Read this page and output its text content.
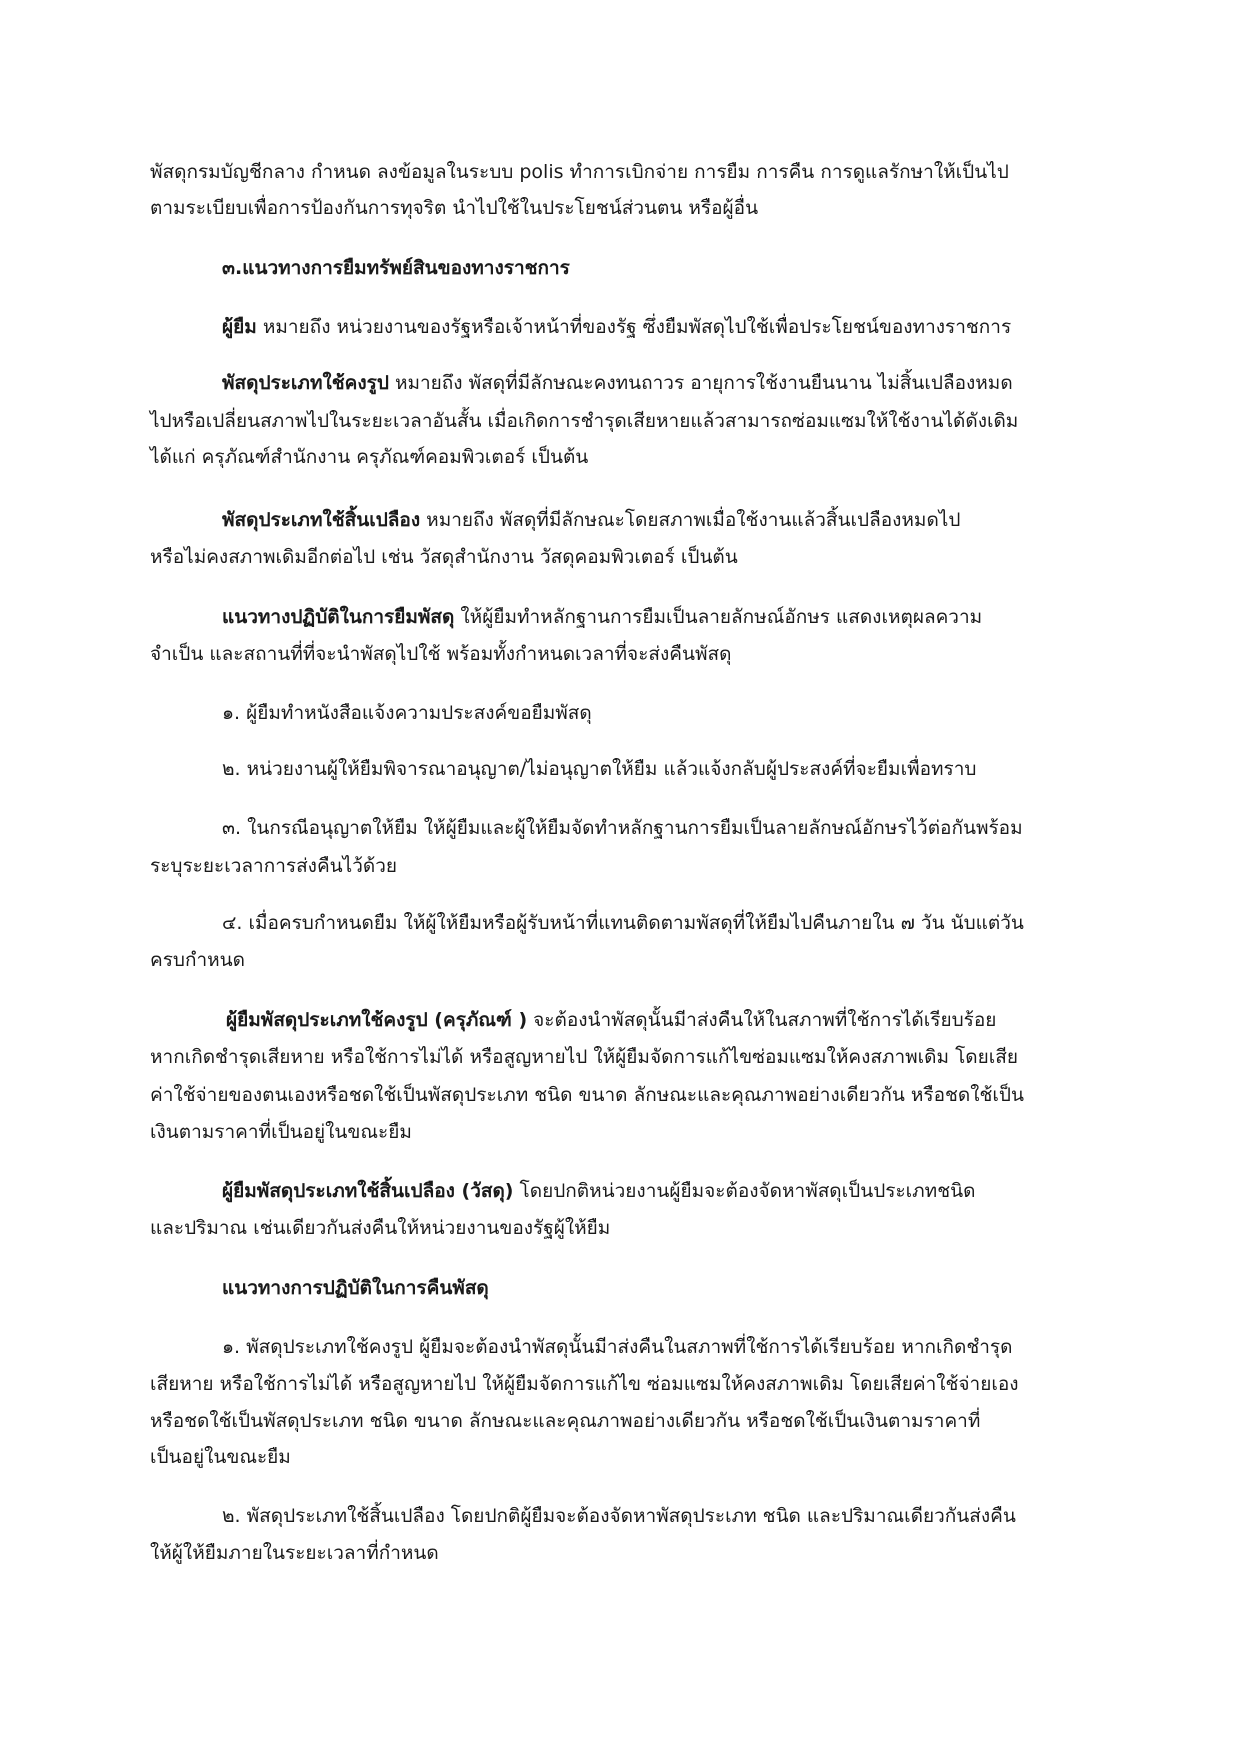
พัสดุกรมบัญชีกลาง กำหนด ลงข้อมูลในระบบ polis ทำการเบิกจ่าย การยืม การคืน การดูแลรักษาให้เป็นไป
ตามระเบียบเพื่อการป้องกันการทุจริต นำไปใช้ในประโยชน์ส่วนตน หรือผู้อื่น
๓.แนวทางการยืมทรัพย์สินของทางราชการ
ผู้ยืม หมายถึง หน่วยงานของรัฐหรือเจ้าหน้าที่ของรัฐ ซึ่งยืมพัสดุไปใช้เพื่อประโยชน์ของทางราชการ
พัสดุประเภทใช้คงรูป หมายถึง พัสดุที่มีลักษณะคงทนถาวร อายุการใช้งานยืนนาน ไม่สิ้นเปลืองหมด
ไปหรือเปลี่ยนสภาพไปในระยะเวลาอันสั้น เมื่อเกิดการชำรุดเสียหายแล้วสามารถซ่อมแซมให้ใช้งานได้ดังเดิม
ได้แก่ ครุภัณฑ์สำนักงาน ครุภัณฑ์คอมพิวเตอร์ เป็นต้น
พัสดุประเภทใช้สิ้นเปลือง หมายถึง พัสดุที่มีลักษณะโดยสภาพเมื่อใช้งานแล้วสิ้นเปลืองหมดไป
หรือไม่คงสภาพเดิมอีกต่อไป เช่น วัสดุสำนักงาน วัสดุคอมพิวเตอร์ เป็นต้น
แนวทางปฏิบัติในการยืมพัสดุ ให้ผู้ยืมทำหลักฐานการยืมเป็นลายลักษณ์อักษร แสดงเหตุผลความ
จำเป็น และสถานที่ที่จะนำพัสดุไปใช้ พร้อมทั้งกำหนดเวลาที่จะส่งคืนพัสดุ
๑. ผู้ยืมทำหนังสือแจ้งความประสงค์ขอยืมพัสดุ
๒. หน่วยงานผู้ให้ยืมพิจารณาอนุญาต/ไม่อนุญาตให้ยืม แล้วแจ้งกลับผู้ประสงค์ที่จะยืมเพื่อทราบ
๓. ในกรณีอนุญาตให้ยืม ให้ผู้ยืมและผู้ให้ยืมจัดทำหลักฐานการยืมเป็นลายลักษณ์อักษรไว้ต่อกันพร้อม
ระบุระยะเวลาการส่งคืนไว้ด้วย
๔. เมื่อครบกำหนดยืม ให้ผู้ให้ยืมหรือผู้รับหน้าที่แทนติดตามพัสดุที่ให้ยืมไปคืนภายใน ๗ วัน นับแต่วัน
ครบกำหนด
ผู้ยืมพัสดุประเภทใช้คงรูป (ครุภัณฑ์ ) จะต้องนำพัสดุนั้นมีาส่งคืนให้ในสภาพที่ใช้การได้เรียบร้อย
หากเกิดชำรุดเสียหาย หรือใช้การไม่ได้ หรือสูญหายไป ให้ผู้ยืมจัดการแก้ไขซ่อมแซมให้คงสภาพเดิม โดยเสีย
ค่าใช้จ่ายของตนเองหรือชดใช้เป็นพัสดุประเภท ชนิด ขนาด ลักษณะและคุณภาพอย่างเดียวกัน หรือชดใช้เป็น
เงินตามราคาที่เป็นอยู่ในขณะยืม
ผู้ยืมพัสดุประเภทใช้สิ้นเปลือง (วัสดุ) โดยปกติหน่วยงานผู้ยืมจะต้องจัดหาพัสดุเป็นประเภทชนิด
และปริมาณ เช่นเดียวกันส่งคืนให้หน่วยงานของรัฐผู้ให้ยืม
แนวทางการปฏิบัติในการคืนพัสดุ
๑. พัสดุประเภทใช้คงรูป ผู้ยืมจะต้องนำพัสดุนั้นมีาส่งคืนในสภาพที่ใช้การได้เรียบร้อย หากเกิดชำรุด
เสียหาย หรือใช้การไม่ได้ หรือสูญหายไป ให้ผู้ยืมจัดการแก้ไข ซ่อมแซมให้คงสภาพเดิม โดยเสียค่าใช้จ่ายเอง
หรือชดใช้เป็นพัสดุประเภท ชนิด ขนาด ลักษณะและคุณภาพอย่างเดียวกัน หรือชดใช้เป็นเงินตามราคาที่
เป็นอยู่ในขณะยืม
๒. พัสดุประเภทใช้สิ้นเปลือง โดยปกติผู้ยืมจะต้องจัดหาพัสดุประเภท ชนิด และปริมาณเดียวกันส่งคืน
ให้ผู้ให้ยืมภายในระยะเวลาที่กำหนด
